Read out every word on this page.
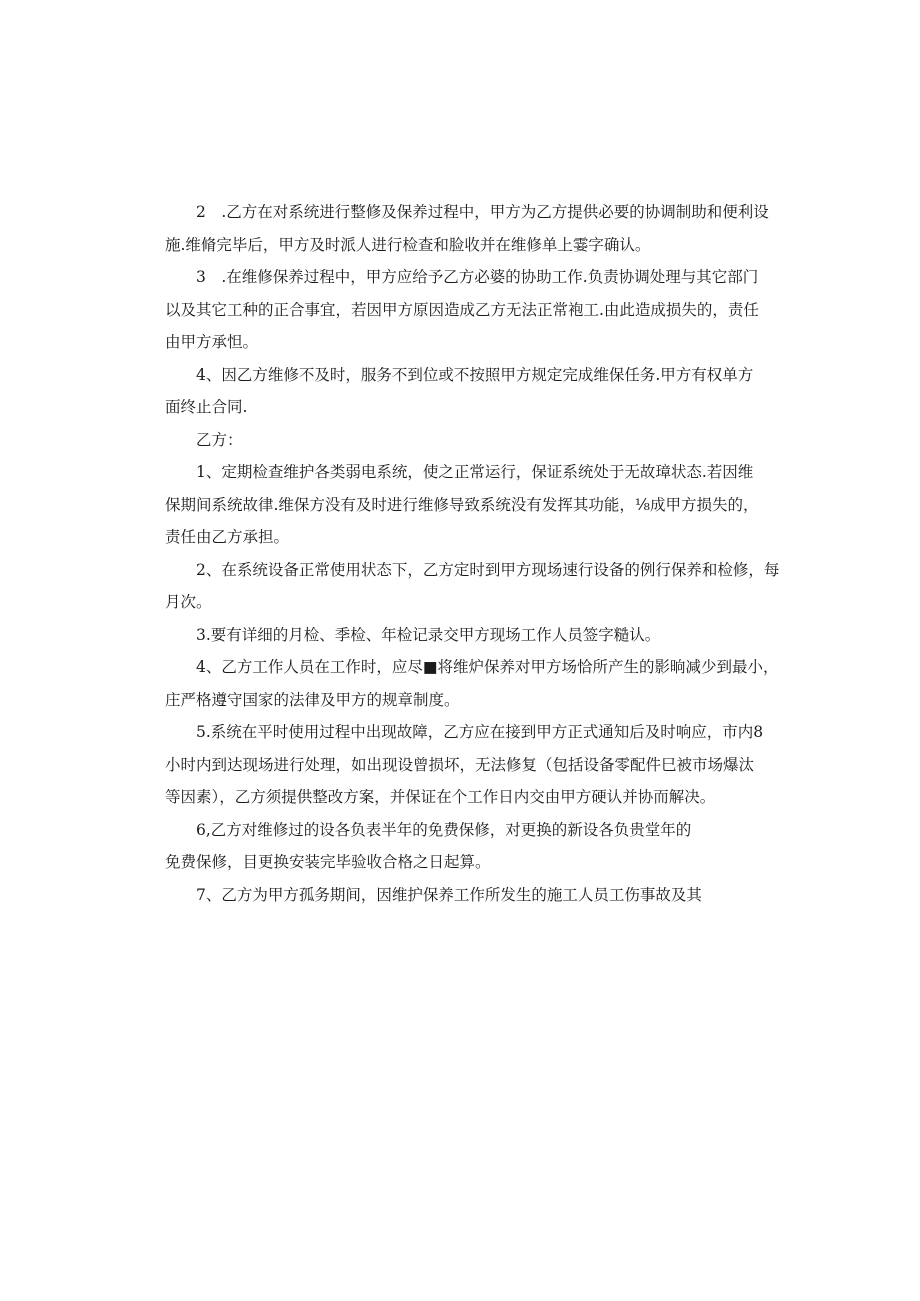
2　.乙方在对系统进行整修及保养过程中，甲方为乙方提供必要的协调制助和便利设

施.维脩完毕后，甲方及时派人进行检查和脸收并在维修单上霎字确认。

3　.在维修保养过程中，甲方应给予乙方必婆的协助工作.负责协调处理与其它部门

以及其它工种的正合事宜，若因甲方原因造成乙方无法正常袍工.由此造成损失的，责任

由甲方承怛。

4、因乙方维修不及时，服务不到位或不按照甲方规定完成维保任务.甲方有权单方

面终止合同.

乙方：

1、定期检查维护各类弱电系统，使之正常运行，保证系统处于无故璋状态.若因维

保期间系统故律.维保方没有及时进行维修导致系统没有发挥其功能，⅛成甲方损失的，

责任由乙方承担。

2、在系统设备正常使用状态下，乙方定时到甲方现场速行设备的例行保养和检修，每

月次。

3.要有详细的月检、季检、年检记录交甲方现场工作人员签字糙认。

4、乙方工作人员在工作时，应尽■将维炉保养对甲方场恰所产生的影晌减少到最小，

庄严格遵守国家的法律及甲方的规章制度。

5.系统在平时使用过程中出现故障，乙方应在接到甲方正式通知后及时响应，市内8

小时内到达现场进行处理，如出现设曾损坏，无法修复（包括设备零配件巳被市场爆汰

等因素），乙方须提供整改方案，并保证在个工作日内交由甲方硬认并协而解决。

6,乙方对维修过的设各负表半年的免费保修，对更换的新设各负贵堂年的

免费保修，目更换安装完毕验收合格之日起算。

7、乙方为甲方孤务期间，因维护保养工作所发生的施工人员工伤事故及其
